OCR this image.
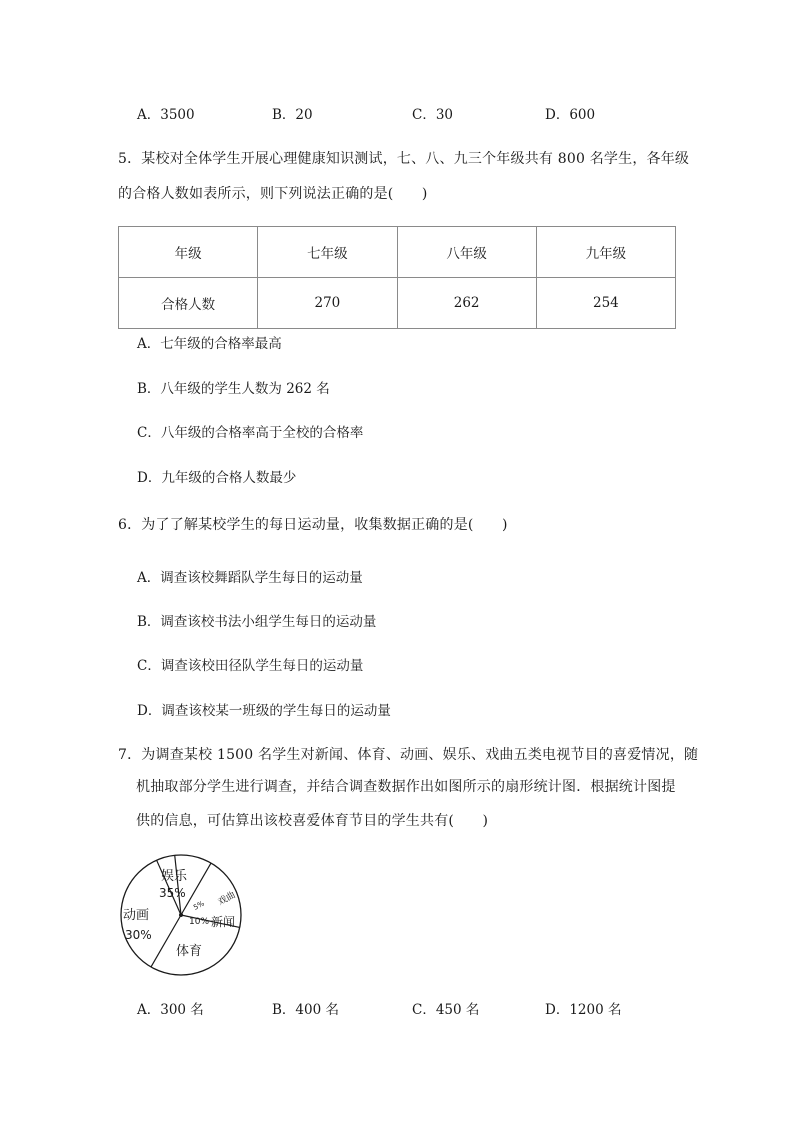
A．3500	B．20	C．30	D．600
5．某校对全体学生开展心理健康知识测试，七、八、九三个年级共有 800 名学生，各年级
的合格人数如表所示，则下列说法正确的是(　　)
年级	七年级	八年级	九年级
合格人数	270	262	254
A．七年级的合格率最高
B．八年级的学生人数为 262 名
C．八年级的合格率高于全校的合格率
D．九年级的合格人数最少
6．为了了解某校学生的每日运动量，收集数据正确的是(　　)
A．调查该校舞蹈队学生每日的运动量
B．调查该校书法小组学生每日的运动量
C．调查该校田径队学生每日的运动量
D．调查该校某一班级的学生每日的运动量
7．为调查某校 1500 名学生对新闻、体育、动画、娱乐、戏曲五类电视节目的喜爱情况，随
机抽取部分学生进行调查，并结合调查数据作出如图所示的扇形统计图．根据统计图提
供的信息，可估算出该校喜爱体育节目的学生共有(　　)
娱乐
35%	戏曲
5%
新闻
10%
体育
动画
30%
A．300 名	B．400 名	C．450 名	D．1200 名
